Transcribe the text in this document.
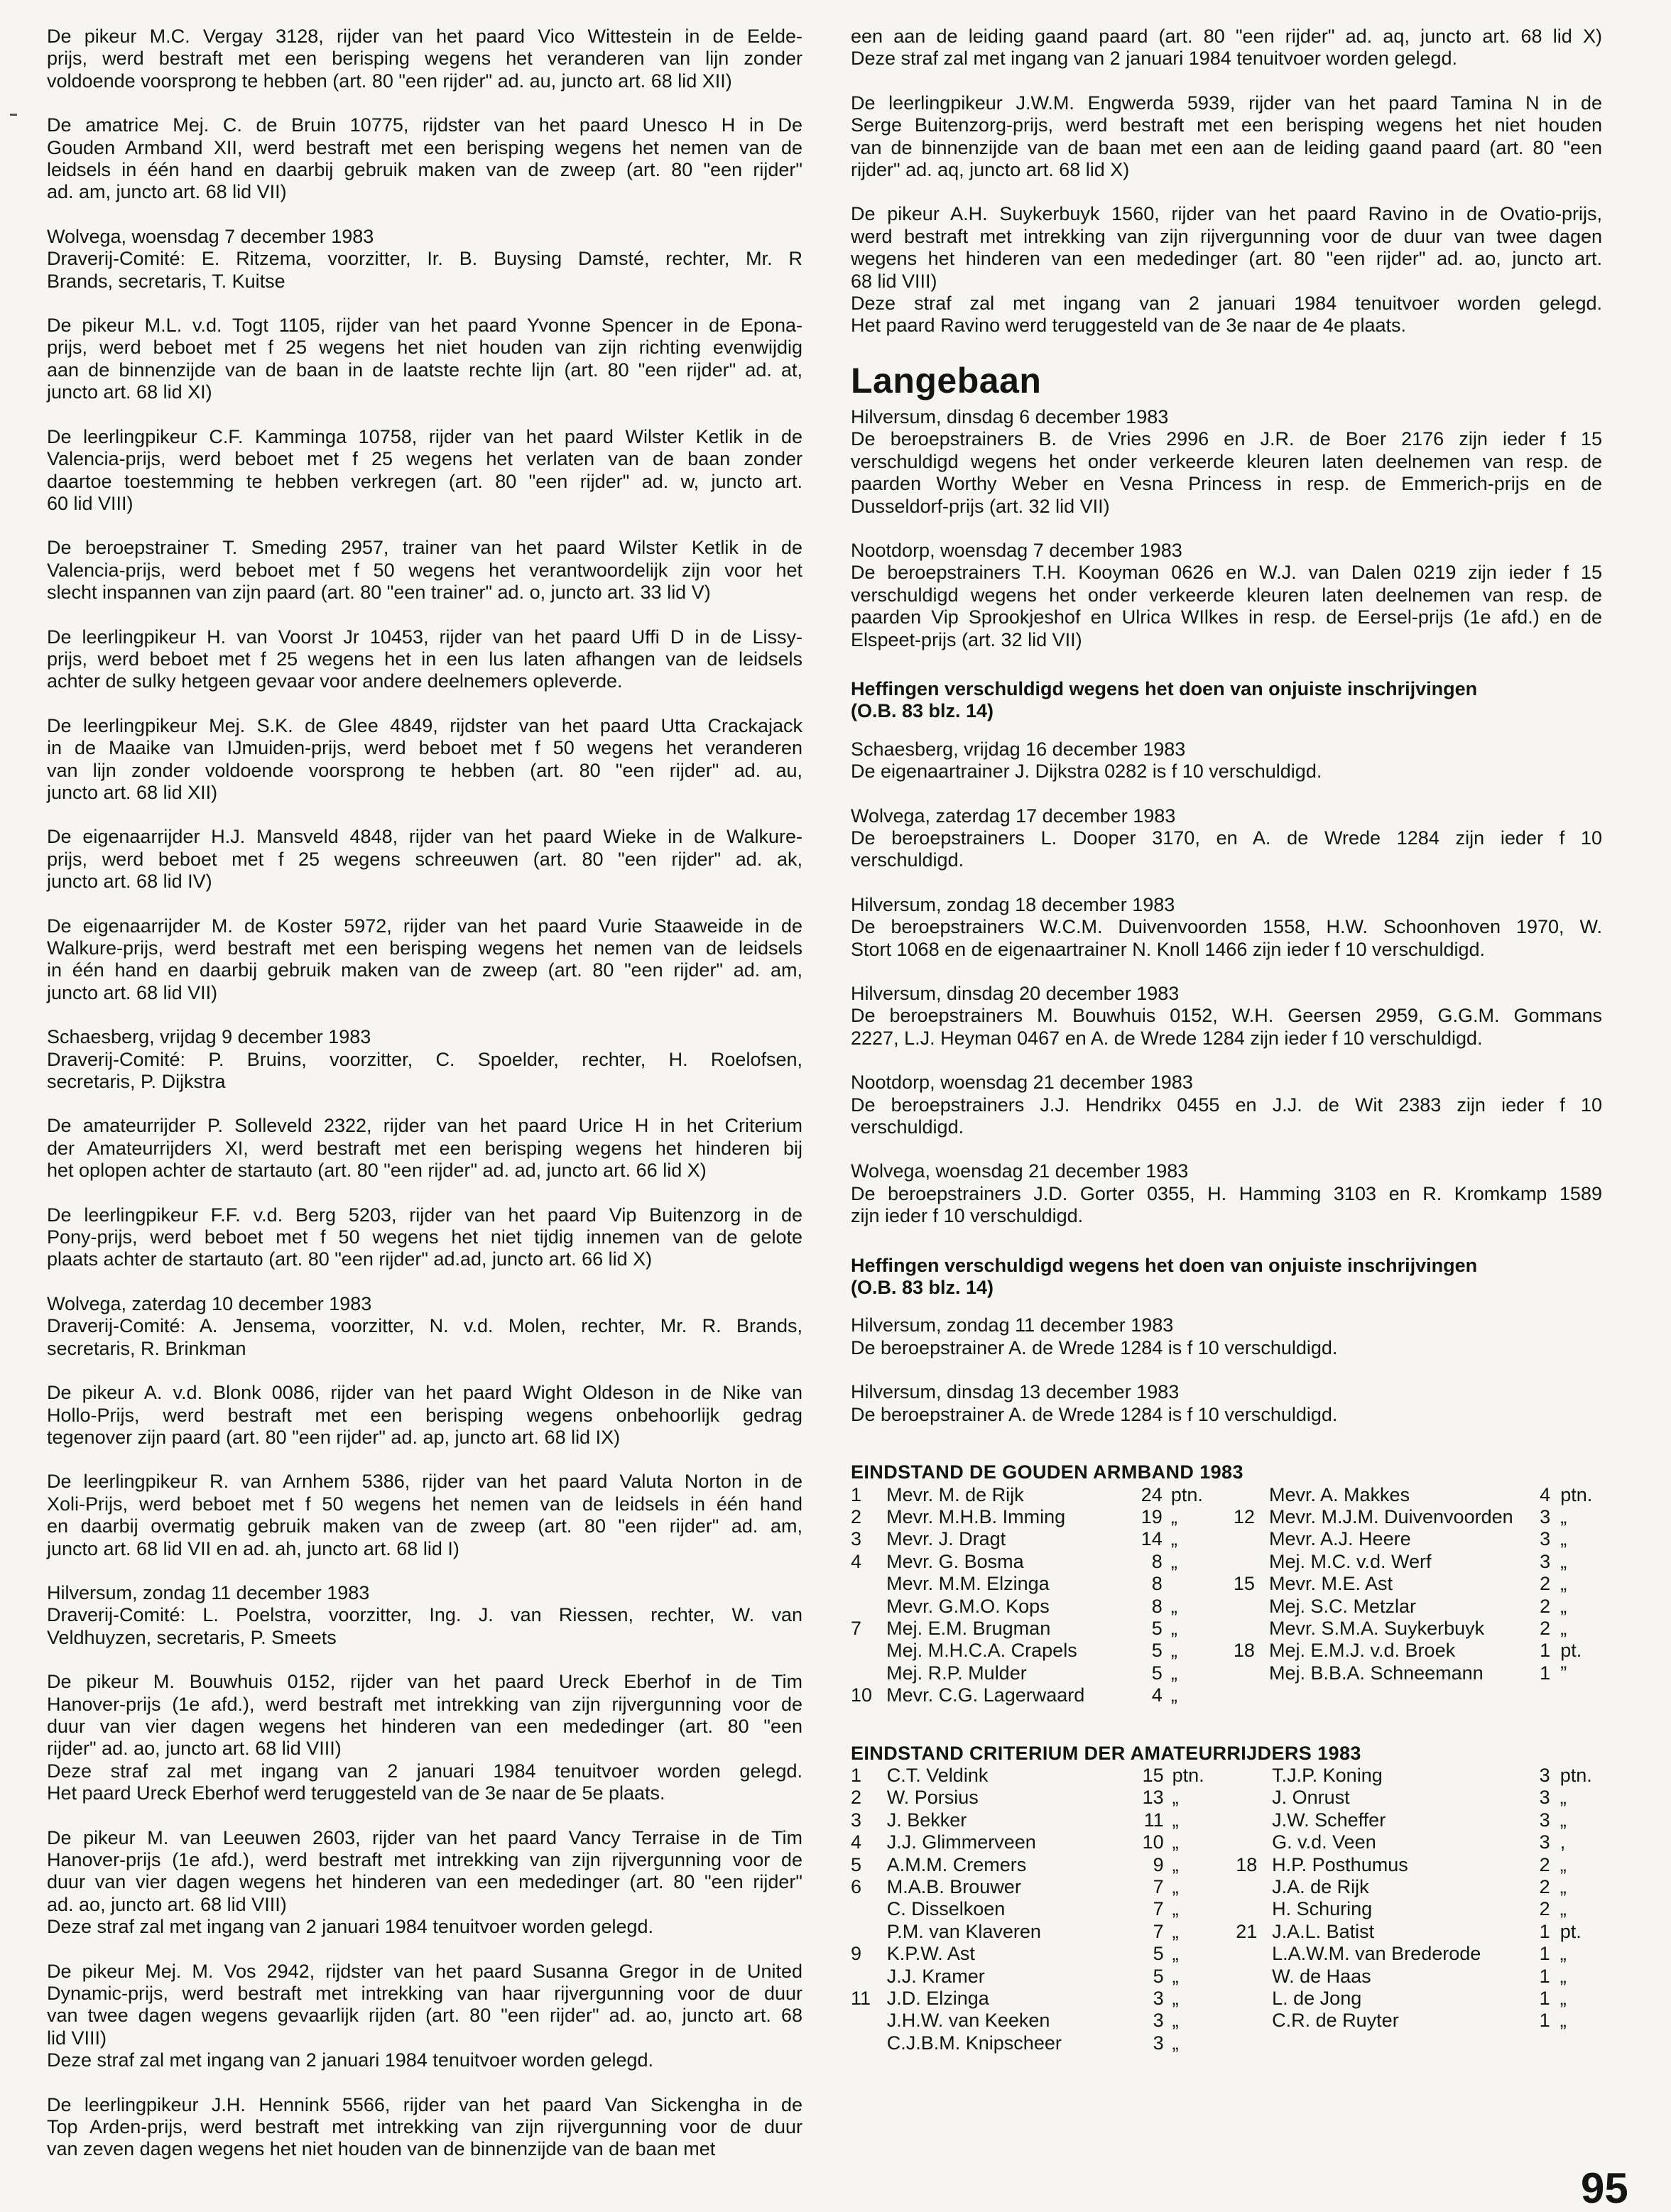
De pikeur M.C. Vergay 3128, rijder van het paard Vico Wittestein in de Eelde-
prijs, werd bestraft met een berisping wegens het veranderen van lijn zonder
voldoende voorsprong te hebben (art. 80 "een rijder" ad. au, juncto art. 68 lid XII)
De amatrice Mej. C. de Bruin 10775, rijdster van het paard Unesco H in De
Gouden Armband XII, werd bestraft met een berisping wegens het nemen van de
leidsels in één hand en daarbij gebruik maken van de zweep (art. 80 "een rijder"
ad. am, juncto art. 68 lid VII)
Wolvega, woensdag 7 december 1983
Draverij-Comité: E. Ritzema, voorzitter, Ir. B. Buysing Damsté, rechter, Mr. R
Brands, secretaris, T. Kuitse
De pikeur M.L. v.d. Togt 1105, rijder van het paard Yvonne Spencer in de Epona-
prijs, werd beboet met f 25 wegens het niet houden van zijn richting evenwijdig
aan de binnenzijde van de baan in de laatste rechte lijn (art. 80 "een rijder" ad. at,
juncto art. 68 lid XI)
De leerlingpikeur C.F. Kamminga 10758, rijder van het paard Wilster Ketlik in de
Valencia-prijs, werd beboet met f 25 wegens het verlaten van de baan zonder
daartoe toestemming te hebben verkregen (art. 80 "een rijder" ad. w, juncto art.
60 lid VIII)
De beroepstrainer T. Smeding 2957, trainer van het paard Wilster Ketlik in de
Valencia-prijs, werd beboet met f 50 wegens het verantwoordelijk zijn voor het
slecht inspannen van zijn paard (art. 80 "een trainer" ad. o, juncto art. 33 lid V)
De leerlingpikeur H. van Voorst Jr 10453, rijder van het paard Uffi D in de Lissy-
prijs, werd beboet met f 25 wegens het in een lus laten afhangen van de leidsels
achter de sulky hetgeen gevaar voor andere deelnemers opleverde.
De leerlingpikeur Mej. S.K. de Glee 4849, rijdster van het paard Utta Crackajack
in de Maaike van IJmuiden-prijs, werd beboet met f 50 wegens het veranderen
van lijn zonder voldoende voorsprong te hebben (art. 80 "een rijder" ad. au,
juncto art. 68 lid XII)
De eigenaarrijder H.J. Mansveld 4848, rijder van het paard Wieke in de Walkure-
prijs, werd beboet met f 25 wegens schreeuwen (art. 80 "een rijder" ad. ak,
juncto art. 68 lid IV)
De eigenaarrijder M. de Koster 5972, rijder van het paard Vurie Staaweide in de
Walkure-prijs, werd bestraft met een berisping wegens het nemen van de leidsels
in één hand en daarbij gebruik maken van de zweep (art. 80 "een rijder" ad. am,
juncto art. 68 lid VII)
Schaesberg, vrijdag 9 december 1983
Draverij-Comité: P. Bruins, voorzitter, C. Spoelder, rechter, H. Roelofsen,
secretaris, P. Dijkstra
De amateurrijder P. Solleveld 2322, rijder van het paard Urice H in het Criterium
der Amateurrijders XI, werd bestraft met een berisping wegens het hinderen bij
het oplopen achter de startauto (art. 80 "een rijder" ad. ad, juncto art. 66 lid X)
De leerlingpikeur F.F. v.d. Berg 5203, rijder van het paard Vip Buitenzorg in de
Pony-prijs, werd beboet met f 50 wegens het niet tijdig innemen van de gelote
plaats achter de startauto (art. 80 "een rijder" ad.ad, juncto art. 66 lid X)
Wolvega, zaterdag 10 december 1983
Draverij-Comité: A. Jensema, voorzitter, N. v.d. Molen, rechter, Mr. R. Brands,
secretaris, R. Brinkman
De pikeur A. v.d. Blonk 0086, rijder van het paard Wight Oldeson in de Nike van
Hollo-Prijs, werd bestraft met een berisping wegens onbehoorlijk gedrag
tegenover zijn paard (art. 80 "een rijder" ad. ap, juncto art. 68 lid IX)
De leerlingpikeur R. van Arnhem 5386, rijder van het paard Valuta Norton in de
Xoli-Prijs, werd beboet met f 50 wegens het nemen van de leidsels in één hand
en daarbij overmatig gebruik maken van de zweep (art. 80 "een rijder" ad. am,
juncto art. 68 lid VII en ad. ah, juncto art. 68 lid I)
Hilversum, zondag 11 december 1983
Draverij-Comité: L. Poelstra, voorzitter, Ing. J. van Riessen, rechter, W. van
Veldhuyzen, secretaris, P. Smeets
De pikeur M. Bouwhuis 0152, rijder van het paard Ureck Eberhof in de Tim
Hanover-prijs (1e afd.), werd bestraft met intrekking van zijn rijvergunning voor de
duur van vier dagen wegens het hinderen van een mededinger (art. 80 "een
rijder" ad. ao, juncto art. 68 lid VIII)
Deze straf zal met ingang van 2 januari 1984 tenuitvoer worden gelegd.
Het paard Ureck Eberhof werd teruggesteld van de 3e naar de 5e plaats.
De pikeur M. van Leeuwen 2603, rijder van het paard Vancy Terraise in de Tim
Hanover-prijs (1e afd.), werd bestraft met intrekking van zijn rijvergunning voor de
duur van vier dagen wegens het hinderen van een mededinger (art. 80 "een rijder"
ad. ao, juncto art. 68 lid VIII)
Deze straf zal met ingang van 2 januari 1984 tenuitvoer worden gelegd.
De pikeur Mej. M. Vos 2942, rijdster van het paard Susanna Gregor in de United
Dynamic-prijs, werd bestraft met intrekking van haar rijvergunning voor de duur
van twee dagen wegens gevaarlijk rijden (art. 80 "een rijder" ad. ao, juncto art. 68
lid VIII)
Deze straf zal met ingang van 2 januari 1984 tenuitvoer worden gelegd.
De leerlingpikeur J.H. Hennink 5566, rijder van het paard Van Sickengha in de
Top Arden-prijs, werd bestraft met intrekking van zijn rijvergunning voor de duur
van zeven dagen wegens het niet houden van de binnenzijde van de baan met
een aan de leiding gaand paard (art. 80 "een rijder" ad. aq, juncto art. 68 lid X)
Deze straf zal met ingang van 2 januari 1984 tenuitvoer worden gelegd.
De leerlingpikeur J.W.M. Engwerda 5939, rijder van het paard Tamina N in de
Serge Buitenzorg-prijs, werd bestraft met een berisping wegens het niet houden
van de binnenzijde van de baan met een aan de leiding gaand paard (art. 80 "een
rijder" ad. aq, juncto art. 68 lid X)
De pikeur A.H. Suykerbuyk 1560, rijder van het paard Ravino in de Ovatio-prijs,
werd bestraft met intrekking van zijn rijvergunning voor de duur van twee dagen
wegens het hinderen van een mededinger (art. 80 "een rijder" ad. ao, juncto art.
68 lid VIII)
Deze straf zal met ingang van 2 januari 1984 tenuitvoer worden gelegd.
Het paard Ravino werd teruggesteld van de 3e naar de 4e plaats.
Langebaan
Hilversum, dinsdag 6 december 1983
De beroepstrainers B. de Vries 2996 en J.R. de Boer 2176 zijn ieder f 15
verschuldigd wegens het onder verkeerde kleuren laten deelnemen van resp. de
paarden Worthy Weber en Vesna Princess in resp. de Emmerich-prijs en de
Dusseldorf-prijs (art. 32 lid VII)
Nootdorp, woensdag 7 december 1983
De beroepstrainers T.H. Kooyman 0626 en W.J. van Dalen 0219 zijn ieder f 15
verschuldigd wegens het onder verkeerde kleuren laten deelnemen van resp. de
paarden Vip Sprookjeshof en Ulrica WIlkes in resp. de Eersel-prijs (1e afd.) en de
Elspeet-prijs (art. 32 lid VII)
Heffingen verschuldigd wegens het doen van onjuiste inschrijvingen
(O.B. 83 blz. 14)
Schaesberg, vrijdag 16 december 1983
De eigenaartrainer J. Dijkstra 0282 is f 10 verschuldigd.
Wolvega, zaterdag 17 december 1983
De beroepstrainers L. Dooper 3170, en A. de Wrede 1284 zijn ieder f 10
verschuldigd.
Hilversum, zondag 18 december 1983
De beroepstrainers W.C.M. Duivenvoorden 1558, H.W. Schoonhoven 1970, W.
Stort 1068 en de eigenaartrainer N. Knoll 1466 zijn ieder f 10 verschuldigd.
Hilversum, dinsdag 20 december 1983
De beroepstrainers M. Bouwhuis 0152, W.H. Geersen 2959, G.G.M. Gommans
2227, L.J. Heyman 0467 en A. de Wrede 1284 zijn ieder f 10 verschuldigd.
Nootdorp, woensdag 21 december 1983
De beroepstrainers J.J. Hendrikx 0455 en J.J. de Wit 2383 zijn ieder f 10
verschuldigd.
Wolvega, woensdag 21 december 1983
De beroepstrainers J.D. Gorter 0355, H. Hamming 3103 en R. Kromkamp 1589
zijn ieder f 10 verschuldigd.
Heffingen verschuldigd wegens het doen van onjuiste inschrijvingen
(O.B. 83 blz. 14)
Hilversum, zondag 11 december 1983
De beroepstrainer A. de Wrede 1284 is f 10 verschuldigd.
Hilversum, dinsdag 13 december 1983
De beroepstrainer A. de Wrede 1284 is f 10 verschuldigd.
EINDSTAND DE GOUDEN ARMBAND 1983
1	Mevr. M. de Rijk	24	ptn.		Mevr. A. Makkes	4	ptn.
2	Mevr. M.H.B. Imming	19	„	12	Mevr. M.J.M. Duivenvoorden	3	„
3	Mevr. J. Dragt	14	„		Mevr. A.J. Heere	3	„
4	Mevr. G. Bosma	8	„		Mej. M.C. v.d. Werf	3	„
	Mevr. M.M. Elzinga	8		15	Mevr. M.E. Ast	2	„
	Mevr. G.M.O. Kops	8	„		Mej. S.C. Metzlar	2	„
7	Mej. E.M. Brugman	5	„		Mevr. S.M.A. Suykerbuyk	2	„
	Mej. M.H.C.A. Crapels	5	„	18	Mej. E.M.J. v.d. Broek	1	pt.
	Mej. R.P. Mulder	5	„		Mej. B.B.A. Schneemann	1	”
10	Mevr. C.G. Lagerwaard	4	„				
EINDSTAND CRITERIUM DER AMATEURRIJDERS 1983
1	C.T. Veldink	15	ptn.		T.J.P. Koning	3	ptn.
2	W. Porsius	13	„		J. Onrust	3	„
3	J. Bekker	11	„		J.W. Scheffer	3	„
4	J.J. Glimmerveen	10	„		G. v.d. Veen	3	,
5	A.M.M. Cremers	9	„	18	H.P. Posthumus	2	„
6	M.A.B. Brouwer	7	„		J.A. de Rijk	2	„
	C. Disselkoen	7	„		H. Schuring	2	„
	P.M. van Klaveren	7	„	21	J.A.L. Batist	1	pt.
9	K.P.W. Ast	5	„		L.A.W.M. van Brederode	1	„
	J.J. Kramer	5	„		W. de Haas	1	„
11	J.D. Elzinga	3	„		L. de Jong	1	„
	J.H.W. van Keeken	3	„		C.R. de Ruyter	1	„
	C.J.B.M. Knipscheer	3	„				
95
